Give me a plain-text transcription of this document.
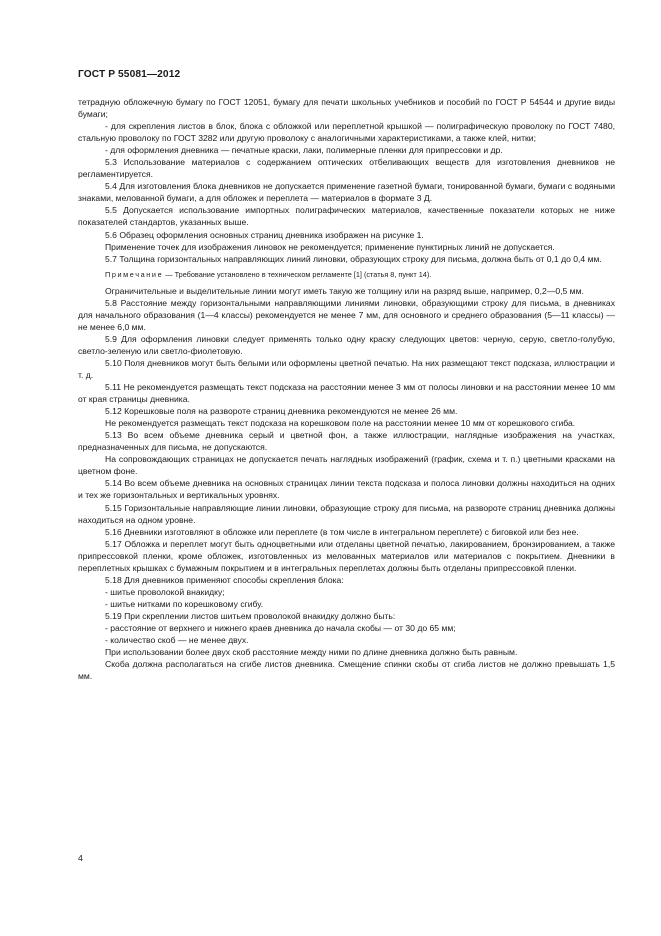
ГОСТ Р 55081—2012

тетрадную обложечную бумагу по ГОСТ 12051, бумагу для печати школьных учебников и пособий по ГОСТ Р 54544 и другие виды бумаги;

- для скрепления листов в блок, блока с обложкой или переплетной крышкой — полиграфическую проволоку по ГОСТ 7480, стальную проволоку по ГОСТ 3282 или другую проволоку с аналогичными характеристиками, а также клей, нитки;

- для оформления дневника — печатные краски, лаки, полимерные пленки для припрессовки и др.

5.3 Использование материалов с содержанием оптических отбеливающих веществ для изготовления дневников не регламентируется.

5.4 Для изготовления блока дневников не допускается применение газетной бумаги, тонированной бумаги, бумаги с водяными знаками, мелованной бумаги, а для обложек и переплета — материалов в формате 3 Д.

5.5 Допускается использование импортных полиграфических материалов, качественные показатели которых не ниже показателей стандартов, указанных выше.

5.6 Образец оформления основных страниц дневника изображен на рисунке 1.

Применение точек для изображения линовок не рекомендуется; применение пунктирных линий не допускается.

5.7 Толщина горизонтальных направляющих линий линовки, образующих строку для письма, должна быть от 0,1 до 0,4 мм.

Примечание — Требование установлено в техническом регламенте [1] (статья 8, пункт 14).

Ограничительные и выделительные линии могут иметь такую же толщину или на разряд выше, например, 0,2—0,5 мм.

5.8 Расстояние между горизонтальными направляющими линиями линовки, образующими строку для письма, в дневниках для начального образования (1—4 классы) рекомендуется не менее 7 мм, для основного и среднего образования (5—11 классы) — не менее 6,0 мм.

5.9 Для оформления линовки следует применять только одну краску следующих цветов: черную, серую, светло-голубую, светло-зеленую или светло-фиолетовую.

5.10 Поля дневников могут быть белыми или оформлены цветной печатью. На них размещают текст подсказа, иллюстрации и т. д.

5.11 Не рекомендуется размещать текст подсказа на расстоянии менее 3 мм от полосы линовки и на расстоянии менее 10 мм от края страницы дневника.

5.12 Корешковые поля на развороте страниц дневника рекомендуются не менее 26 мм.

Не рекомендуется размещать текст подсказа на корешковом поле на расстоянии менее 10 мм от корешкового сгиба.

5.13 Во всем объеме дневника серый и цветной фон, а также иллюстрации, наглядные изображения на участках, предназначенных для письма, не допускаются.

На сопровождающих страницах не допускается печать наглядных изображений (график, схема и т. п.) цветными красками на цветном фоне.

5.14 Во всем объеме дневника на основных страницах линии текста подсказа и полоса линовки должны находиться на одних и тех же горизонтальных и вертикальных уровнях.

5.15 Горизонтальные направляющие линии линовки, образующие строку для письма, на развороте страниц дневника должны находиться на одном уровне.

5.16 Дневники изготовляют в обложке или переплете (в том числе в интегральном переплете) с биговкой или без нее.

5.17 Обложка и переплет могут быть одноцветными или отделаны цветной печатью, лакированием, бронзированием, а также припрессовкой пленки, кроме обложек, изготовленных из мелованных материалов или материалов с покрытием. Дневники в переплетных крышках с бумажным покрытием и в интегральных переплетах должны быть отделаны припрессовкой пленки.

5.18 Для дневников применяют способы скрепления блока:

- шитье проволокой внакидку;

- шитье нитками по корешковому сгибу.

5.19 При скреплении листов шитьем проволокой внакидку должно быть:

- расстояние от верхнего и нижнего краев дневника до начала скобы — от 30 до 65 мм;

- количество скоб — не менее двух.

При использовании более двух скоб расстояние между ними по длине дневника должно быть равным.

Скоба должна располагаться на сгибе листов дневника. Смещение спинки скобы от сгиба листов не должно превышать 1,5 мм.

4
